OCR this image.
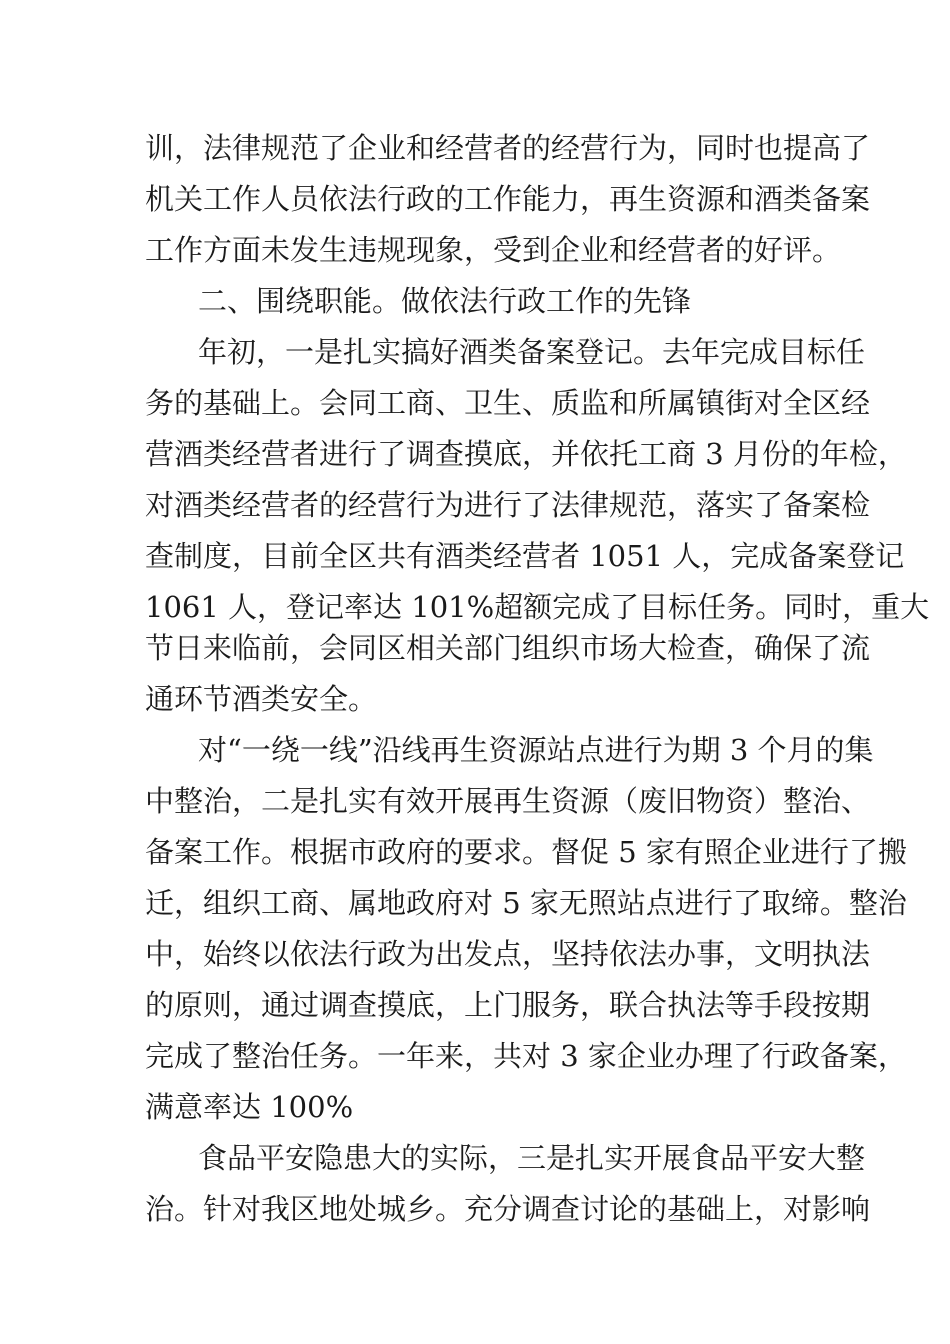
训，法律规范了企业和经营者的经营行为，同时也提高了
机关工作人员依法行政的工作能力，再生资源和酒类备案
工作方面未发生违规现象，受到企业和经营者的好评。
二、围绕职能。做依法行政工作的先锋
年初，一是扎实搞好酒类备案登记。去年完成目标任
务的基础上。会同工商、卫生、质监和所属镇街对全区经
营酒类经营者进行了调查摸底，并依托工商 3 月份的年检，
对酒类经营者的经营行为进行了法律规范，落实了备案检
查制度，目前全区共有酒类经营者 1051 人，完成备案登记
1061 人，登记率达 101%超额完成了目标任务。同时，重大
节日来临前，会同区相关部门组织市场大检查，确保了流
通环节酒类安全。
对“一绕一线”沿线再生资源站点进行为期 3 个月的集
中整治，二是扎实有效开展再生资源（废旧物资）整治、
备案工作。根据市政府的要求。督促 5 家有照企业进行了搬
迁，组织工商、属地政府对 5 家无照站点进行了取缔。整治
中，始终以依法行政为出发点，坚持依法办事，文明执法
的原则，通过调查摸底，上门服务，联合执法等手段按期
完成了整治任务。一年来，共对 3 家企业办理了行政备案，
满意率达 100%
食品平安隐患大的实际，三是扎实开展食品平安大整
治。针对我区地处城乡。充分调查讨论的基础上，对影响
